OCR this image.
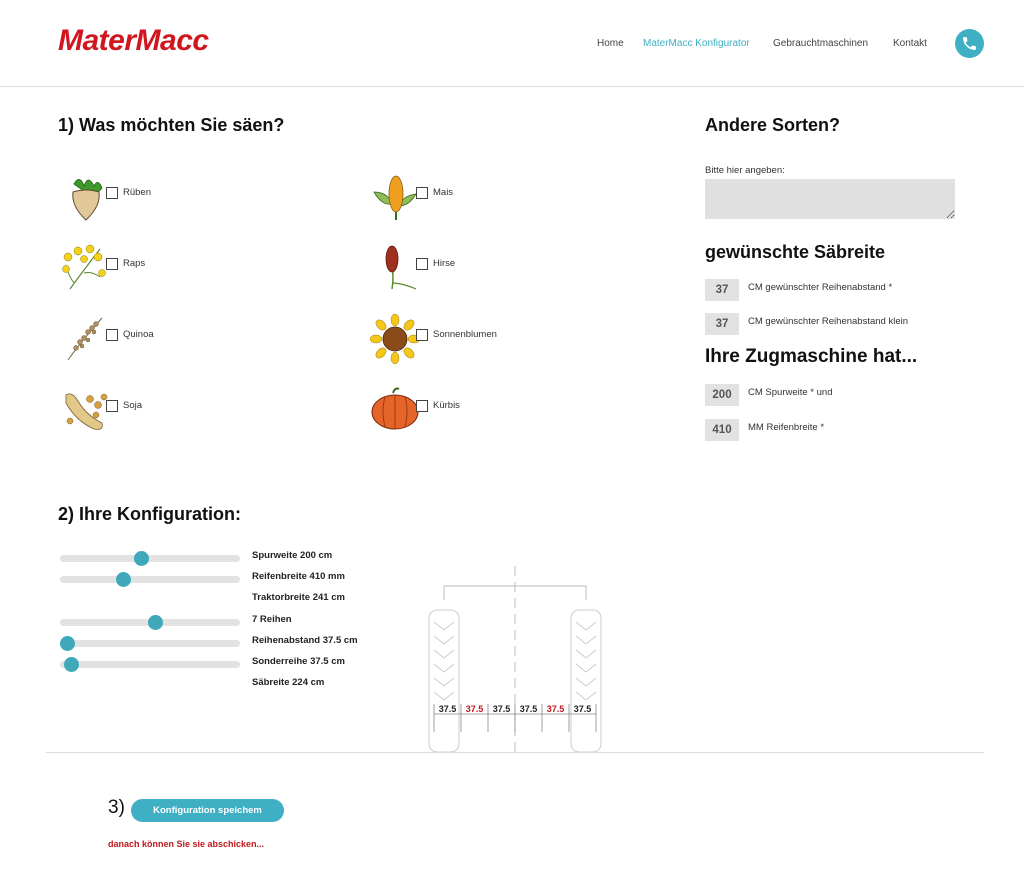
MaterMacc	Home MaterMacc Konfigurator Gebrauchtmaschinen Kontakt
1) Was möchten Sie säen?
Rüben	Mais
Raps	Hirse
Quinoa	Sonnenblumen
Soja	Kürbis
Andere Sorten?
Bitte hier angeben:
gewünschte Säbreite
37	CM gewünschter Reihenabstand *
37	CM gewünschter Reihenabstand klein
Ihre Zugmaschine hat...
200	CM Spurweite * und
410	MM Reifenbreite *
2) Ihre Konfiguration:
Spurweite 200 cm
Reifenbreite 410 mm
Traktorbreite 241 cm
7 Reihen
Reihenabstand 37.5 cm
Sonderreihe 37.5 cm
Säbreite 224 cm
37.5 37.5 37.5 37.5 37.5 37.5
3)	Konfiguration speichem
danach können Sie sie abschicken...
